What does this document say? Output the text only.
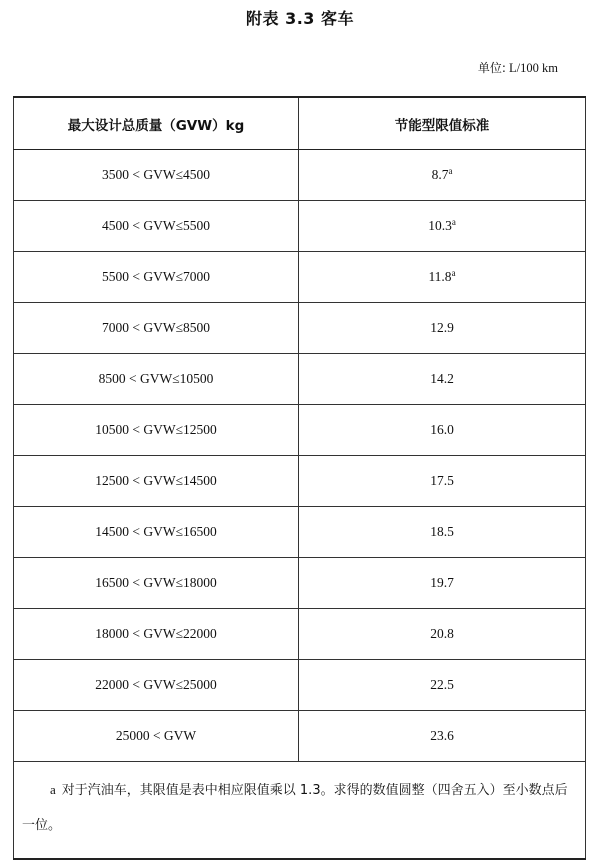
附表 3.3 客车
单位: L/100 km
最大设计总质量（GVW）kg	节能型限值标准
3500 < GVW≤4500	8.7$^a$
4500 < GVW≤5500	10.3$^a$
5500 < GVW≤7000	11.8$^a$
7000 < GVW≤8500	12.9
8500 < GVW≤10500	14.2
10500 < GVW≤12500	16.0
12500 < GVW≤14500	17.5
14500 < GVW≤16500	18.5
16500 < GVW≤18000	19.7
18000 < GVW≤22000	20.8
22000 < GVW≤25000	22.5
25000 < GVW	23.6
a 对于汽油车，其限值是表中相应限值乘以 1.3。求得的数值圆整（四舍五入）至小数点后一位。	
